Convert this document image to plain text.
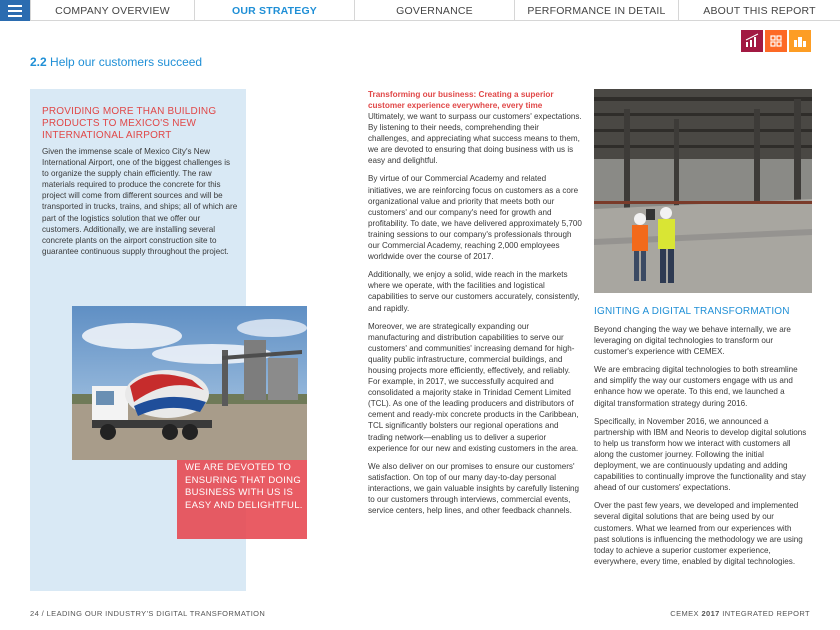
COMPANY OVERVIEW	OUR STRATEGY	GOVERNANCE	PERFORMANCE IN DETAIL	ABOUT THIS REPORT
2.2 Help our customers succeed
PROVIDING MORE THAN BUILDING PRODUCTS TO MEXICO'S NEW INTERNATIONAL AIRPORT
Given the immense scale of Mexico City's New International Airport, one of the biggest challenges is to organize the supply chain efficiently. The raw materials required to produce the concrete for this project will come from different sources and will be transported in trucks, trains, and ships; all of which are part of the logistics solution that we offer our customers. Additionally, we are installing several concrete plants on the airport construction site to guarantee continuous supply throughout the project.
WE ARE DEVOTED TO ENSURING THAT DOING BUSINESS WITH US IS EASY AND DELIGHTFUL.
Transforming our business: Creating a superior customer experience everywhere, every time

Ultimately, we want to surpass our customers' expectations. By listening to their needs, comprehending their challenges, and appreciating what success means to them, we are devoted to ensuring that doing business with us is easy and delightful.

By virtue of our Commercial Academy and related initiatives, we are reinforcing focus on customers as a core organizational value and priority that meets both our customers' and our company's need for growth and profitability. To date, we have delivered approximately 5,700 training sessions to our company's professionals through our Commercial Academy, reaching 2,000 employees worldwide over the course of 2017.

Additionally, we enjoy a solid, wide reach in the markets where we operate, with the facilities and logistical capabilities to serve our customers accurately, consistently, and rapidly.

Moreover, we are strategically expanding our manufacturing and distribution capabilities to serve our customers' and communities' increasing demand for high-quality public infrastructure, commercial buildings, and housing projects more efficiently, effectively, and reliably. For example, in 2017, we successfully acquired and consolidated a majority stake in Trinidad Cement Limited (TCL). As one of the leading producers and distributors of cement and ready-mix concrete products in the Caribbean, TCL significantly bolsters our regional operations and trading network—enabling us to deliver a superior experience for our new and existing customers in the area.

We also deliver on our promises to ensure our customers' satisfaction. On top of our many day-to-day personal interactions, we gain valuable insights by carefully listening to our customers through interviews, commercial events, service centers, help lines, and other feedback channels.

IGNITING A DIGITAL TRANSFORMATION

Beyond changing the way we behave internally, we are leveraging on digital technologies to transform our customer's experience with CEMEX.

We are embracing digital technologies to both streamline and simplify the way our customers engage with us and enhance how we operate. To this end, we launched a digital transformation strategy during 2016.

Specifically, in November 2016, we announced a partnership with IBM and Neoris to develop digital solutions to help us transform how we interact with customers all along the customer journey. Following the initial deployment, we are continuously updating and adding capabilities to continually improve the functionality and stay ahead of our customers' expectations.

Over the past few years, we developed and implemented several digital solutions that are being used by our customers. What we learned from our experiences with past solutions is influencing the methodology we are using today to achieve a superior customer experience, everywhere, every time, enabled by digital technologies.

24 / LEADING OUR INDUSTRY'S DIGITAL TRANSFORMATION	CEMEX 2017 INTEGRATED REPORT
